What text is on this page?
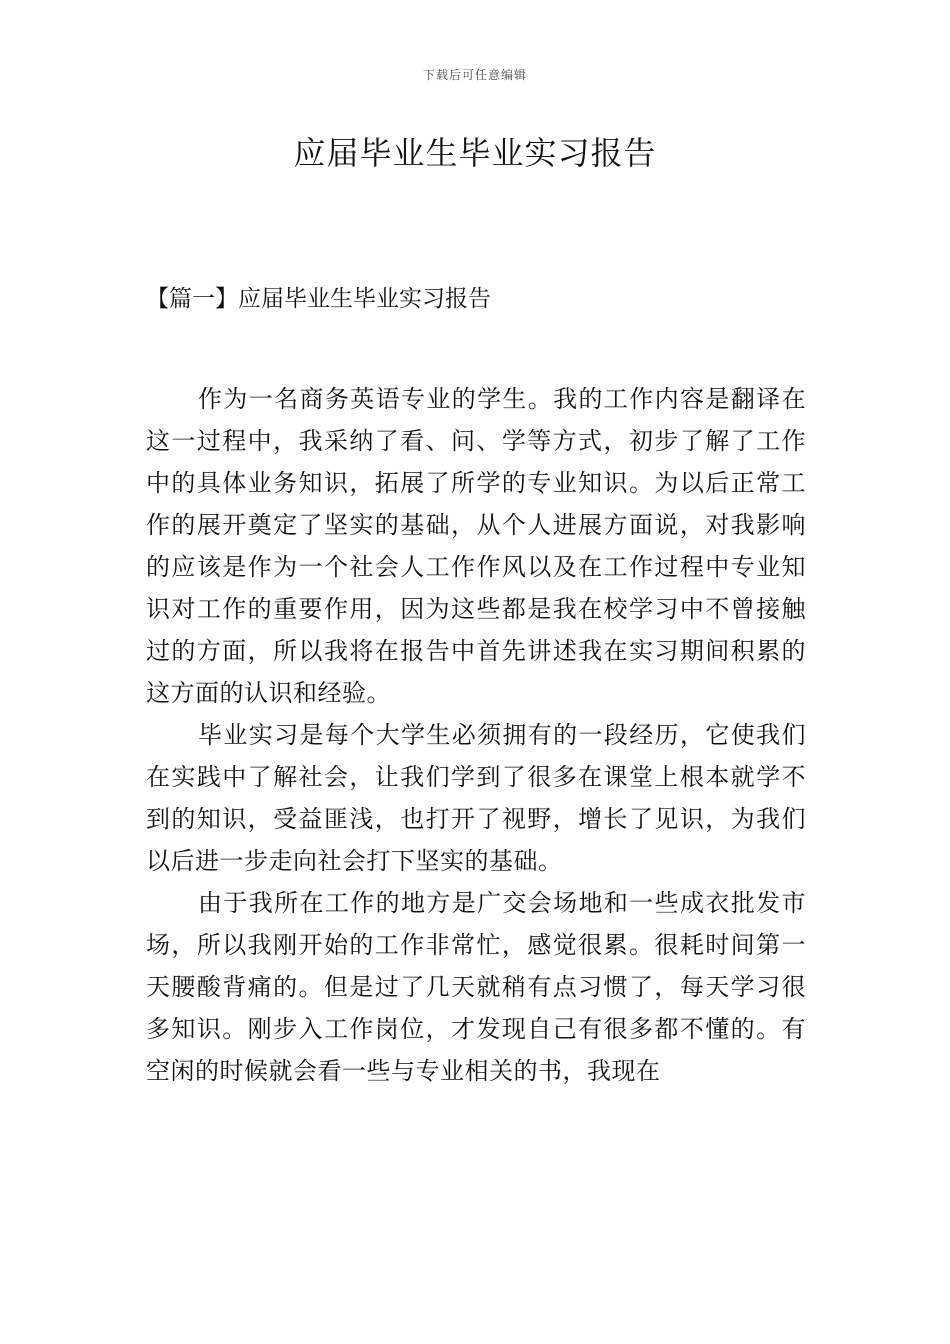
下载后可任意编辑
应届毕业生毕业实习报告
【篇一】应届毕业生毕业实习报告

作为一名商务英语专业的学生。我的工作内容是翻译在这一过程中，我采纳了看、问、学等方式，初步了解了工作中的具体业务知识，拓展了所学的专业知识。为以后正常工作的展开奠定了坚实的基础，从个人进展方面说，对我影响的应该是作为一个社会人工作作风以及在工作过程中专业知识对工作的重要作用，因为这些都是我在校学习中不曾接触过的方面，所以我将在报告中首先讲述我在实习期间积累的这方面的认识和经验。

毕业实习是每个大学生必须拥有的一段经历，它使我们在实践中了解社会，让我们学到了很多在课堂上根本就学不到的知识，受益匪浅，也打开了视野，增长了见识，为我们以后进一步走向社会打下坚实的基础。

由于我所在工作的地方是广交会场地和一些成衣批发市场，所以我刚开始的工作非常忙，感觉很累。很耗时间第一天腰酸背痛的。但是过了几天就稍有点习惯了，每天学习很多知识。刚步入工作岗位，才发现自己有很多都不懂的。有空闲的时候就会看一些与专业相关的书，我现在
